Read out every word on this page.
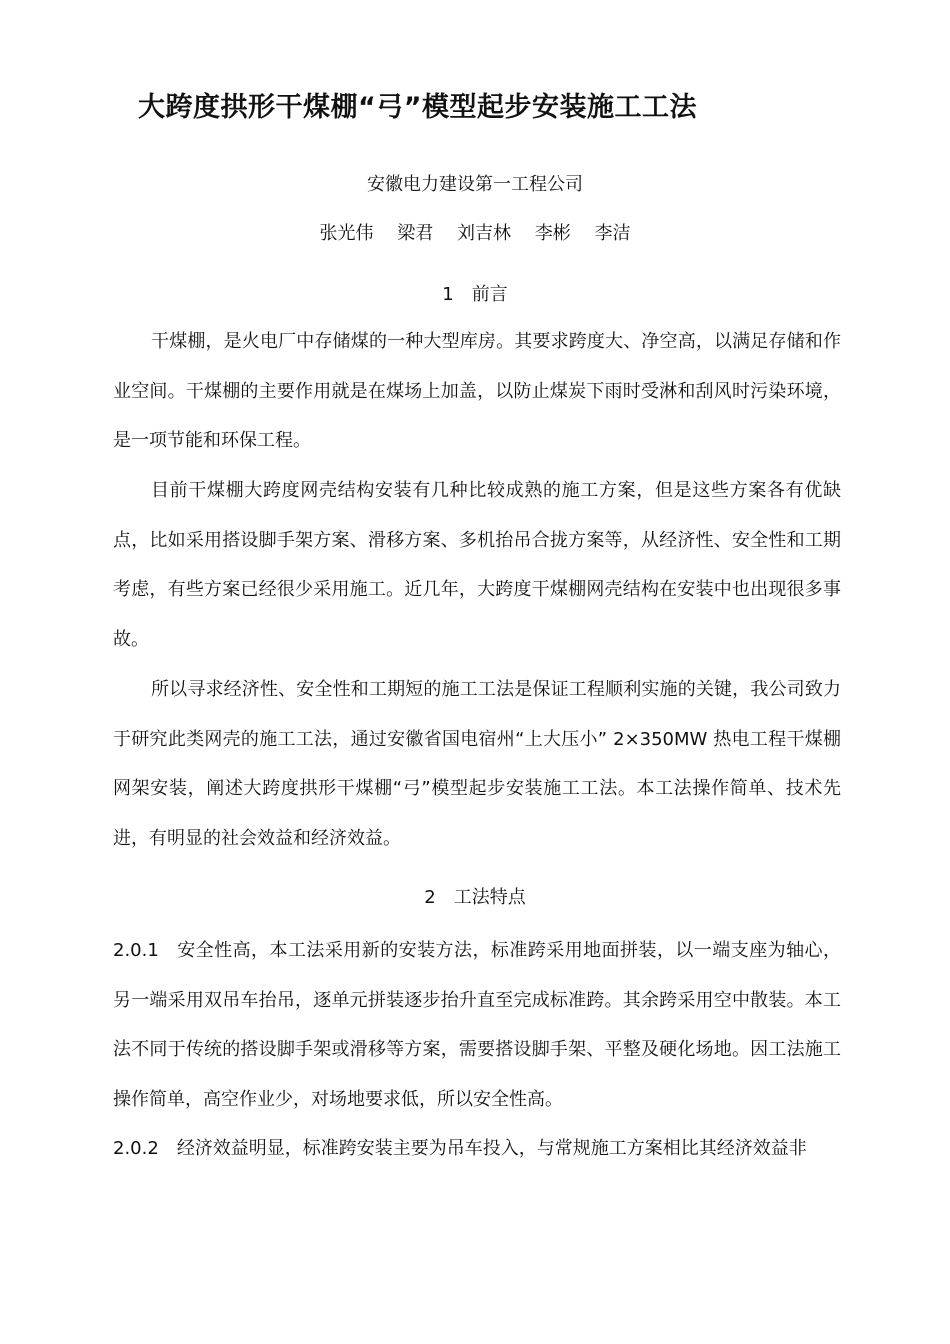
大跨度拱形干煤棚“弓”模型起步安装施工工法
安徽电力建设第一工程公司
张光伟 梁君 刘吉林 李彬 李洁
1 前言
干煤棚，是火电厂中存储煤的一种大型库房。其要求跨度大、净空高，以满足存储和作业空间。干煤棚的主要作用就是在煤场上加盖，以防止煤炭下雨时受淋和刮风时污染环境，是一项节能和环保工程。
目前干煤棚大跨度网壳结构安装有几种比较成熟的施工方案，但是这些方案各有优缺点，比如采用搭设脚手架方案、滑移方案、多机抬吊合拢方案等，从经济性、安全性和工期考虑，有些方案已经很少采用施工。近几年，大跨度干煤棚网壳结构在安装中也出现很多事故。
所以寻求经济性、安全性和工期短的施工工法是保证工程顺利实施的关键，我公司致力于研究此类网壳的施工工法，通过安徽省国电宿州“上大压小” 2×350MW 热电工程干煤棚网架安装，阐述大跨度拱形干煤棚“弓”模型起步安装施工工法。本工法操作简单、技术先进，有明显的社会效益和经济效益。
2 工法特点
2.0.1 安全性高，本工法采用新的安装方法，标准跨采用地面拼装，以一端支座为轴心，另一端采用双吊车抬吊，逐单元拼装逐步抬升直至完成标准跨。其余跨采用空中散装。本工法不同于传统的搭设脚手架或滑移等方案，需要搭设脚手架、平整及硬化场地。因工法施工操作简单，高空作业少，对场地要求低，所以安全性高。
2.0.2 经济效益明显，标准跨安装主要为吊车投入，与常规施工方案相比其经济效益非
